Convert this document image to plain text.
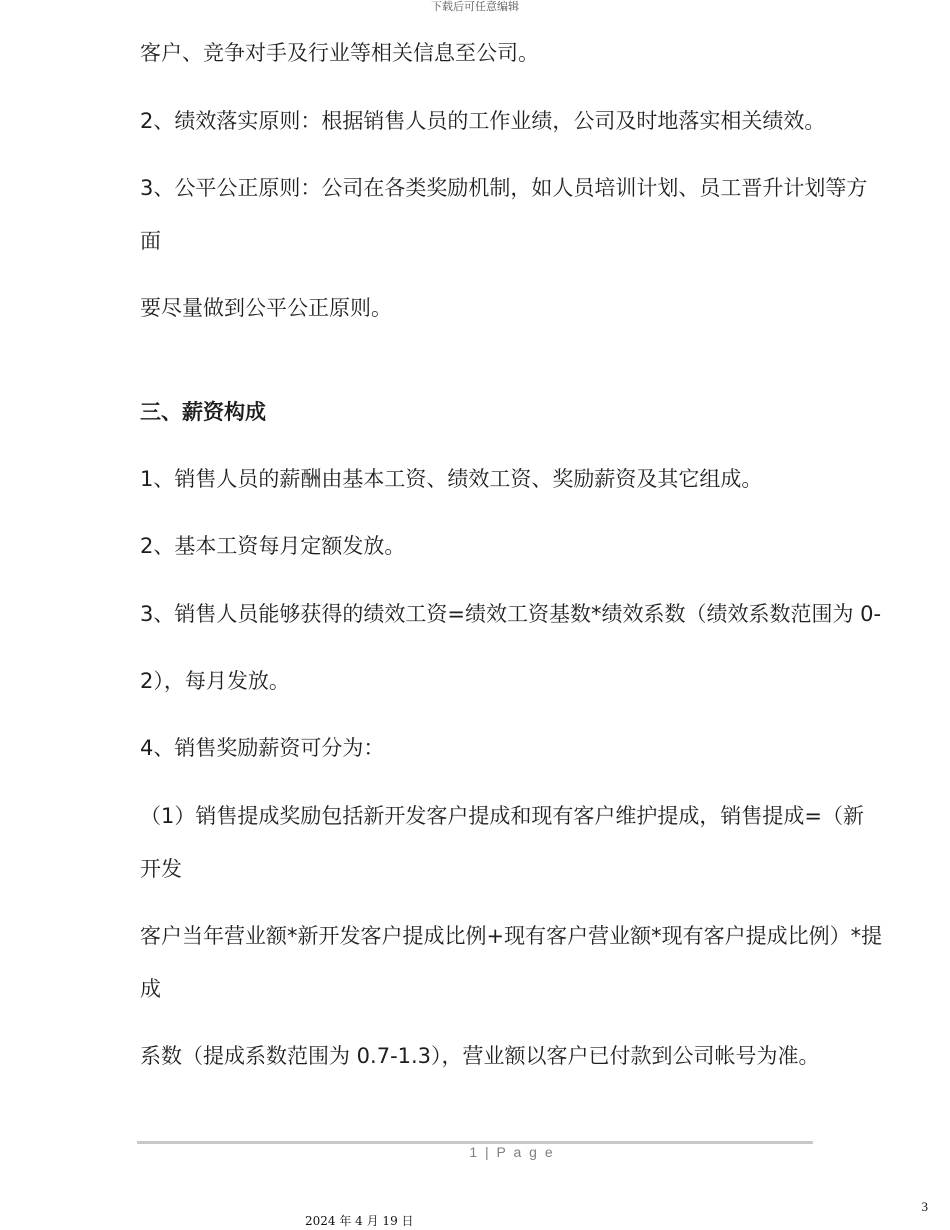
下载后可任意编辑
客户、竞争对手及行业等相关信息至公司。
2、绩效落实原则：根据销售人员的工作业绩，公司及时地落实相关绩效。
3、公平公正原则：公司在各类奖励机制，如人员培训计划、员工晋升计划等方
面
要尽量做到公平公正原则。
三、薪资构成
1、销售人员的薪酬由基本工资、绩效工资、奖励薪资及其它组成。
2、基本工资每月定额发放。
3、销售人员能够获得的绩效工资=绩效工资基数*绩效系数（绩效系数范围为 0-
2），每月发放。
4、销售奖励薪资可分为：
（1）销售提成奖励包括新开发客户提成和现有客户维护提成，销售提成=（新
开发
客户当年营业额*新开发客户提成比例+现有客户营业额*现有客户提成比例）*提
成
系数（提成系数范围为 0.7-1.3），营业额以客户已付款到公司帐号为准。
1 | P a g e
3
2024 年 4 月 19 日
